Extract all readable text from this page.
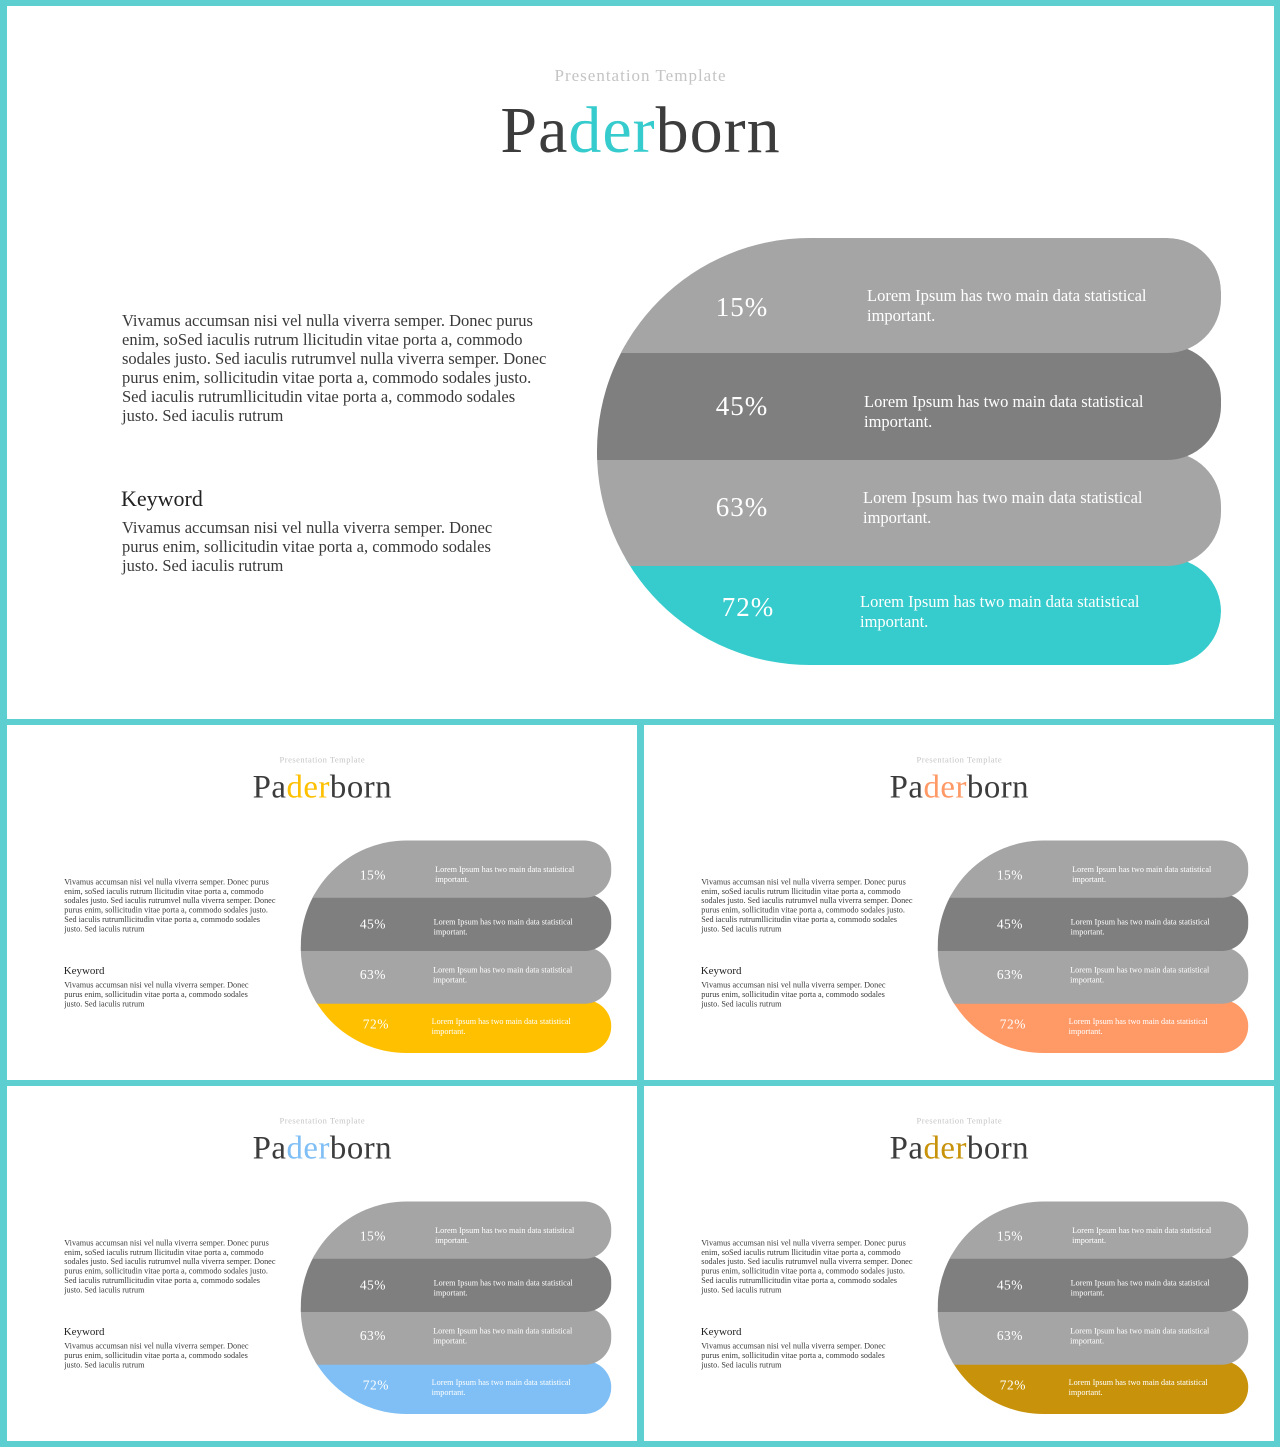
Presentation Template
Paderborn
Vivamus accumsan nisi vel nulla viverra semper. Donec purus enim, soSed iaculis rutrum llicitudin vitae porta a, commodo sodales justo. Sed iaculis rutrumvel nulla viverra semper. Donec purus enim, sollicitudin vitae porta a, commodo sodales justo. Sed iaculis rutrumllicitudin vitae porta a, commodo sodales justo. Sed iaculis rutrum
Keyword
Vivamus accumsan nisi vel nulla viverra semper. Donec purus enim, sollicitudin vitae porta a, commodo sodales justo. Sed iaculis rutrum
15%	Lorem Ipsum has two main data statistical important.
45%	Lorem Ipsum has two main data statistical important.
63%	Lorem Ipsum has two main data statistical important.
72%	Lorem Ipsum has two main data statistical important.
Presentation Template
Paderborn
Vivamus accumsan nisi vel nulla viverra semper. Donec purus enim, soSed iaculis rutrum llicitudin vitae porta a, commodo sodales justo. Sed iaculis rutrumvel nulla viverra semper. Donec purus enim, sollicitudin vitae porta a, commodo sodales justo. Sed iaculis rutrumllicitudin vitae porta a, commodo sodales justo. Sed iaculis rutrum
Keyword
Vivamus accumsan nisi vel nulla viverra semper. Donec purus enim, sollicitudin vitae porta a, commodo sodales justo. Sed iaculis rutrum
15%	Lorem Ipsum has two main data statistical important.
45%	Lorem Ipsum has two main data statistical important.
63%	Lorem Ipsum has two main data statistical important.
72%	Lorem Ipsum has two main data statistical important.
Presentation Template
Paderborn
Vivamus accumsan nisi vel nulla viverra semper. Donec purus enim, soSed iaculis rutrum llicitudin vitae porta a, commodo sodales justo. Sed iaculis rutrumvel nulla viverra semper. Donec purus enim, sollicitudin vitae porta a, commodo sodales justo. Sed iaculis rutrumllicitudin vitae porta a, commodo sodales justo. Sed iaculis rutrum
Keyword
Vivamus accumsan nisi vel nulla viverra semper. Donec purus enim, sollicitudin vitae porta a, commodo sodales justo. Sed iaculis rutrum
15%	Lorem Ipsum has two main data statistical important.
45%	Lorem Ipsum has two main data statistical important.
63%	Lorem Ipsum has two main data statistical important.
72%	Lorem Ipsum has two main data statistical important.
Presentation Template
Paderborn
Vivamus accumsan nisi vel nulla viverra semper. Donec purus enim, soSed iaculis rutrum llicitudin vitae porta a, commodo sodales justo. Sed iaculis rutrumvel nulla viverra semper. Donec purus enim, sollicitudin vitae porta a, commodo sodales justo. Sed iaculis rutrumllicitudin vitae porta a, commodo sodales justo. Sed iaculis rutrum
Keyword
Vivamus accumsan nisi vel nulla viverra semper. Donec purus enim, sollicitudin vitae porta a, commodo sodales justo. Sed iaculis rutrum
15%	Lorem Ipsum has two main data statistical important.
45%	Lorem Ipsum has two main data statistical important.
63%	Lorem Ipsum has two main data statistical important.
72%	Lorem Ipsum has two main data statistical important.
Presentation Template
Paderborn
Vivamus accumsan nisi vel nulla viverra semper. Donec purus enim, soSed iaculis rutrum llicitudin vitae porta a, commodo sodales justo. Sed iaculis rutrumvel nulla viverra semper. Donec purus enim, sollicitudin vitae porta a, commodo sodales justo. Sed iaculis rutrumllicitudin vitae porta a, commodo sodales justo. Sed iaculis rutrum
Keyword
Vivamus accumsan nisi vel nulla viverra semper. Donec purus enim, sollicitudin vitae porta a, commodo sodales justo. Sed iaculis rutrum
15%	Lorem Ipsum has two main data statistical important.
45%	Lorem Ipsum has two main data statistical important.
63%	Lorem Ipsum has two main data statistical important.
72%	Lorem Ipsum has two main data statistical important.
